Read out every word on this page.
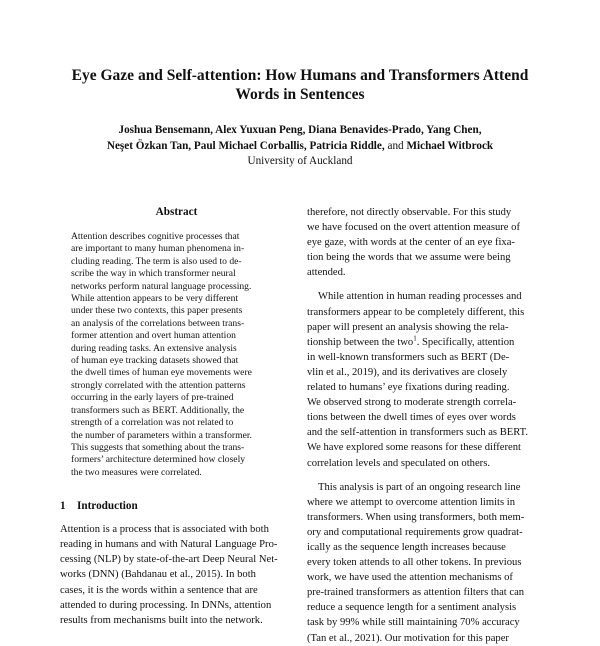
Eye Gaze and Self-attention: How Humans and Transformers Attend
Words in Sentences
Joshua Bensemann, Alex Yuxuan Peng, Diana Benavides-Prado, Yang Chen,
Neşet Özkan Tan, Paul Michael Corballis, Patricia Riddle, and Michael Witbrock
University of Auckland
Abstract
Attention describes cognitive processes that
are important to many human phenomena in-
cluding reading. The term is also used to de-
scribe the way in which transformer neural
networks perform natural language processing.
While attention appears to be very different
under these two contexts, this paper presents
an analysis of the correlations between trans-
former attention and overt human attention
during reading tasks. An extensive analysis
of human eye tracking datasets showed that
the dwell times of human eye movements were
strongly correlated with the attention patterns
occurring in the early layers of pre-trained
transformers such as BERT. Additionally, the
strength of a correlation was not related to
the number of parameters within a transformer.
This suggests that something about the trans-
formers’ architecture determined how closely
the two measures were correlated.
1 Introduction
Attention is a process that is associated with both
reading in humans and with Natural Language Pro-
cessing (NLP) by state-of-the-art Deep Neural Net-
works (DNN) (Bahdanau et al., 2015). In both
cases, it is the words within a sentence that are
attended to during processing. In DNNs, attention
results from mechanisms built into the network.
therefore, not directly observable. For this study
we have focused on the overt attention measure of
eye gaze, with words at the center of an eye fixa-
tion being the words that we assume were being
attended.
While attention in human reading processes and
transformers appear to be completely different, this
paper will present an analysis showing the rela-
tionship between the two$^1$. Specifically, attention
in well-known transformers such as BERT (De-
vlin et al., 2019), and its derivatives are closely
related to humans’ eye fixations during reading.
We observed strong to moderate strength correla-
tions between the dwell times of eyes over words
and the self-attention in transformers such as BERT.
We have explored some reasons for these different
correlation levels and speculated on others.
This analysis is part of an ongoing research line
where we attempt to overcome attention limits in
transformers. When using transformers, both mem-
ory and computational requirements grow quadrat-
ically as the sequence length increases because
every token attends to all other tokens. In previous
work, we have used the attention mechanisms of
pre-trained transformers as attention filters that can
reduce a sequence length for a sentiment analysis
task by 99% while still maintaining 70% accuracy
(Tan et al., 2021). Our motivation for this paper
